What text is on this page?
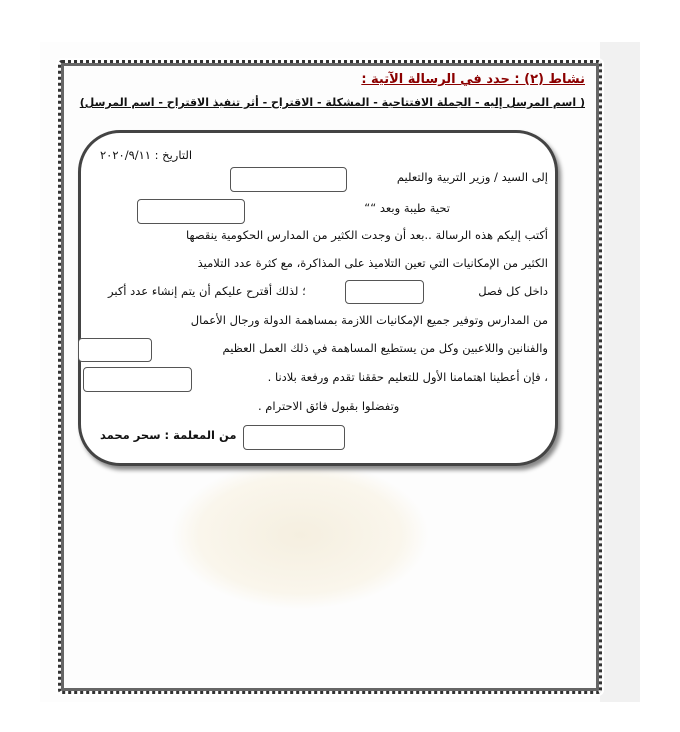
نشاط (٢) : حدد في الرسالة الآتية :
( اسم المرسل إليه - الجملة الافتتاحية - المشكلة - الاقتراح - أثر تنفيذ الاقتراح - اسم المرسل)
التاريخ : ٢٠٢٠/٩/١١
إلى السيد / وزير التربية والتعليم
تحية طيبة وبعد ““
أكتب إليكم هذه الرسالة ..بعد أن وجدت الكثير من المدارس الحكومية ينقصها
الكثير من الإمكانيات التي تعين التلاميذ على المذاكرة، مع كثرة عدد التلاميذ
داخل كل فصل
؛ لذلك أقترح عليكم أن يتم إنشاء عدد أكبر
من المدارس وتوفير جميع الإمكانيات اللازمة بمساهمة الدولة ورجال الأعمال
والفنانين واللاعبين وكل من يستطيع المساهمة في ذلك العمل العظيم
، فإن أعطينا اهتمامنا الأول للتعليم حققنا تقدم ورفعة بلادنا .
وتفضلوا بقبول فائق الاحترام .
من المعلمة : سحر محمد
